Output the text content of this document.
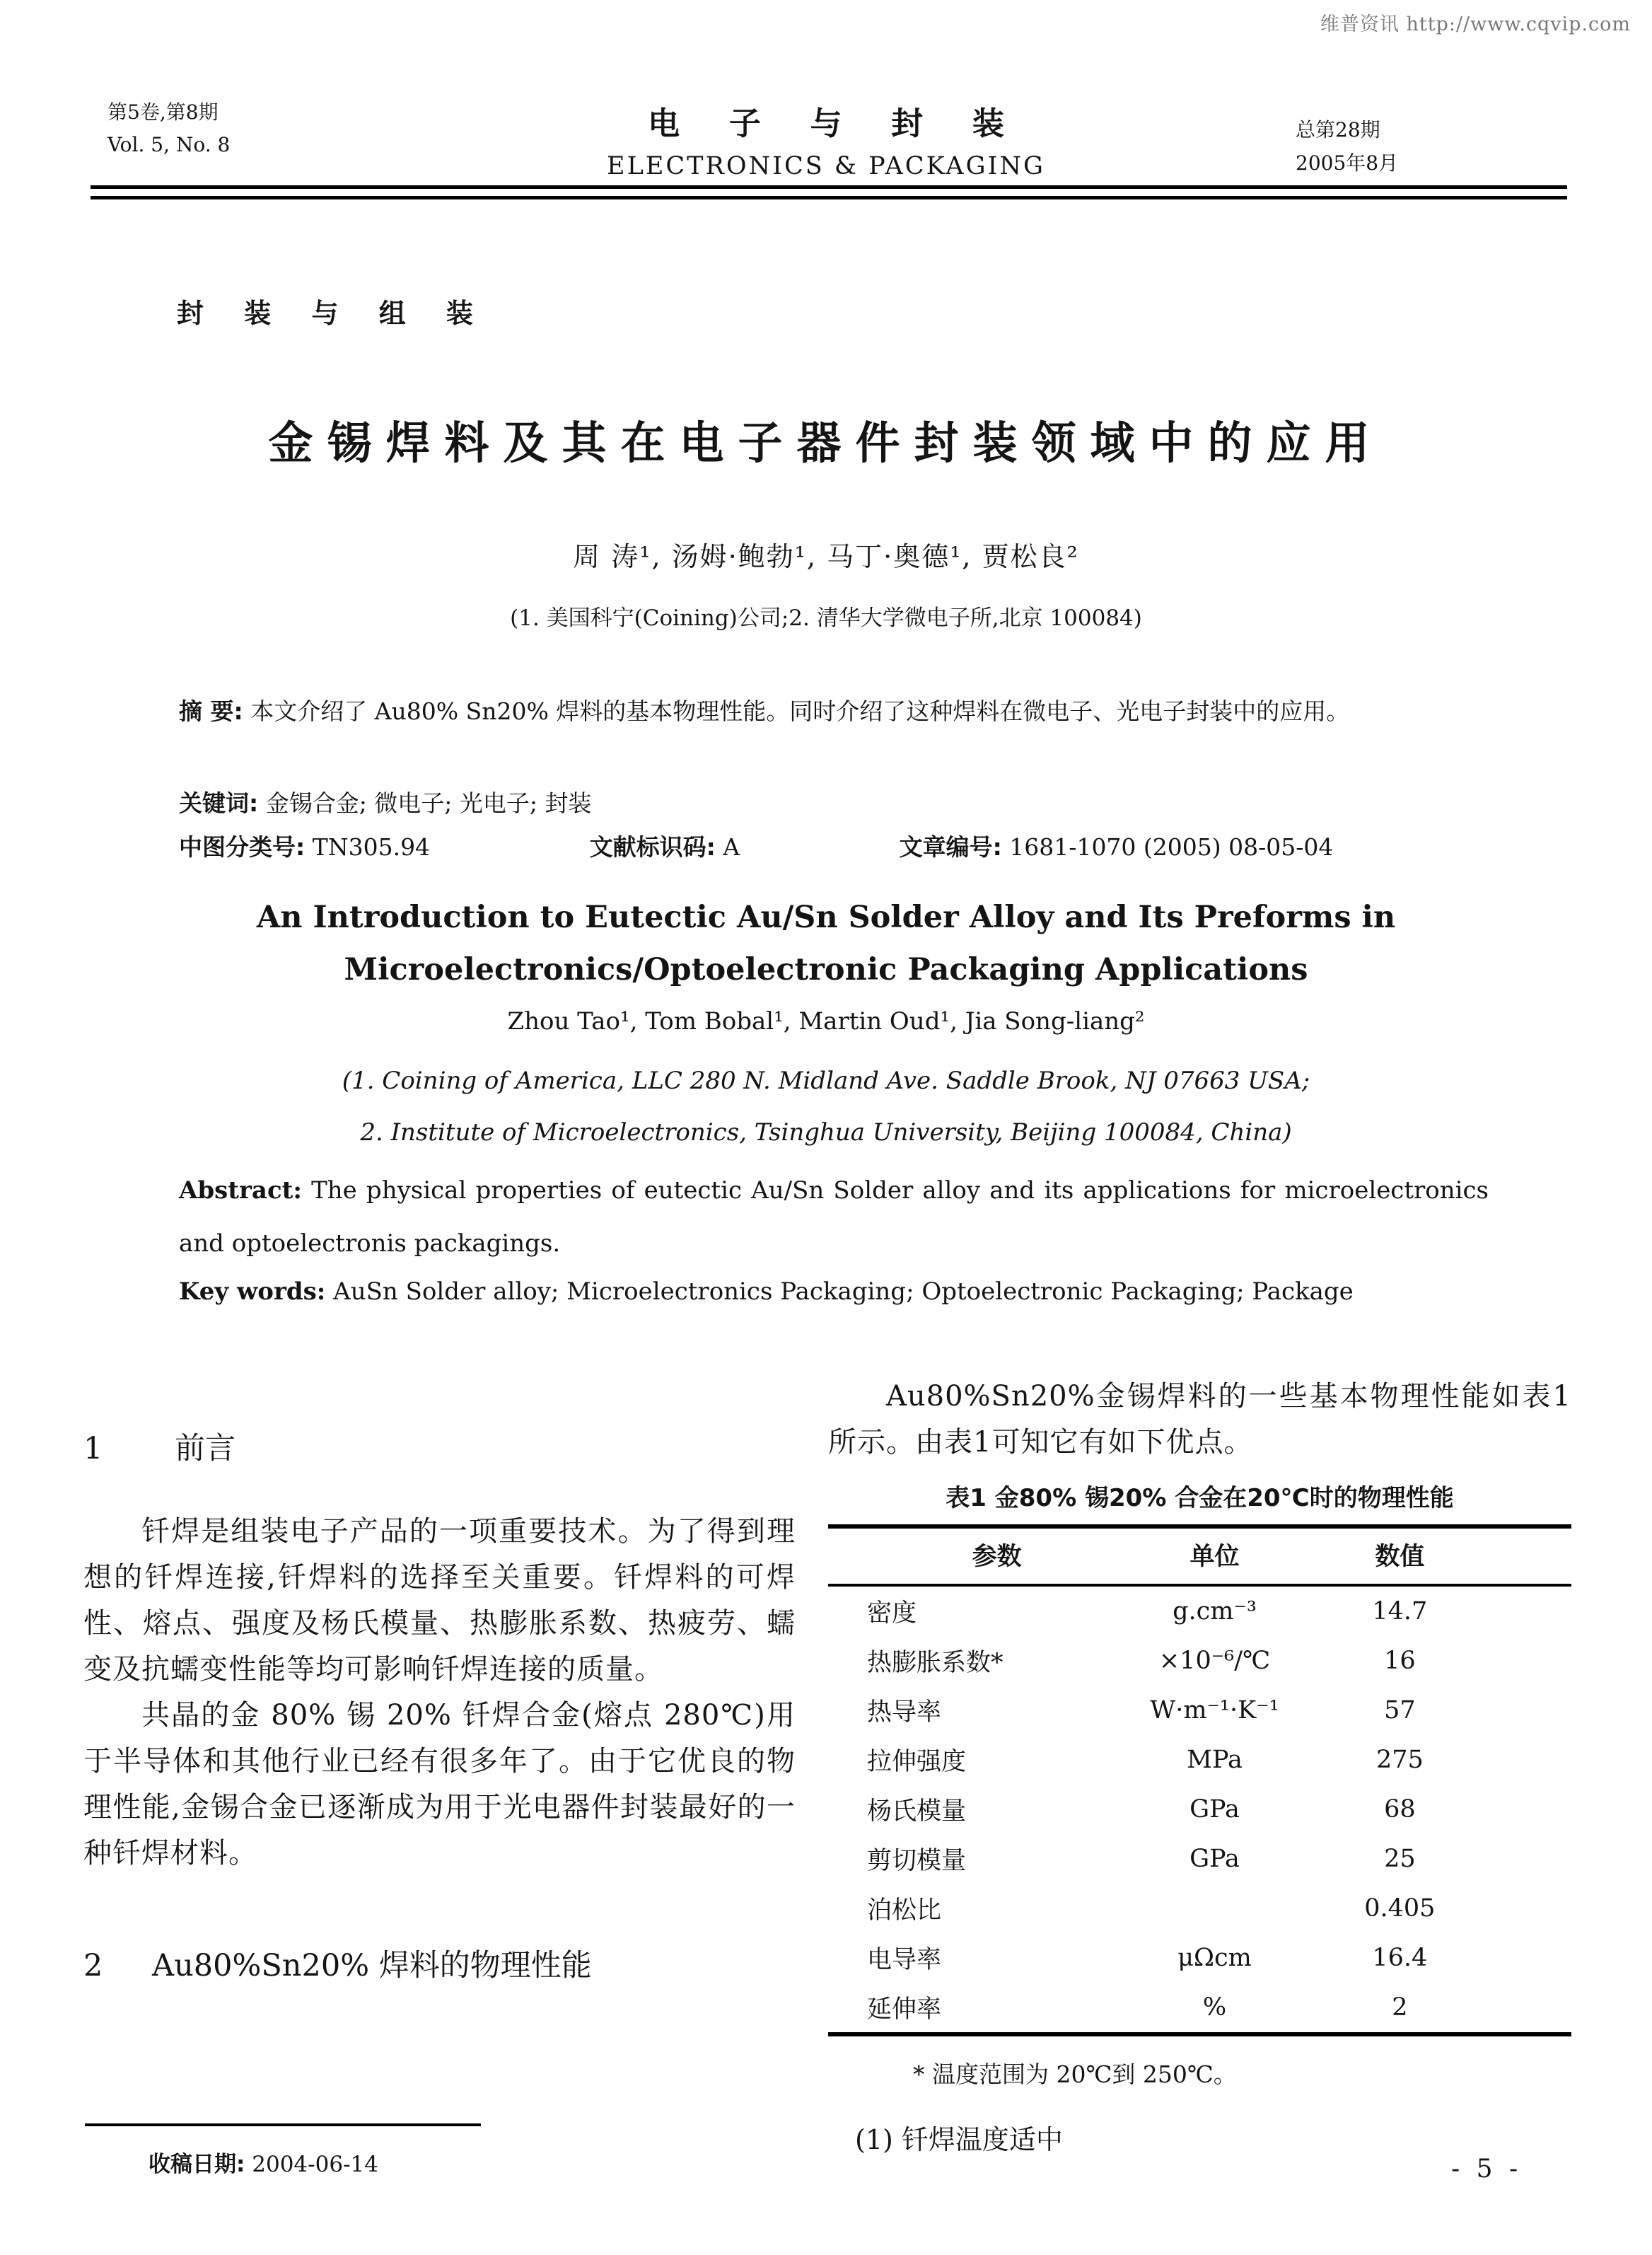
维普资讯 http://www.cqvip.com
第5卷,第8期
Vol. 5, No. 8
电 子 与 封 装
ELECTRONICS & PACKAGING
总第28期
2005年8月
封 装 与 组 装
金锡焊料及其在电子器件封装领域中的应用
周 涛¹, 汤姆·鲍勃¹, 马丁·奥德¹, 贾松良²
(1. 美国科宁(Coining)公司;2. 清华大学微电子所,北京 100084)
摘 要: 本文介绍了 Au80% Sn20% 焊料的基本物理性能。同时介绍了这种焊料在微电子、光电子封装中的应用。
关键词: 金锡合金; 微电子; 光电子; 封装
中图分类号: TN305.94	文献标识码: A	文章编号: 1681-1070 (2005) 08-05-04
An Introduction to Eutectic Au/Sn Solder Alloy and Its Preforms in
Microelectronics/Optoelectronic Packaging Applications
Zhou Tao¹, Tom Bobal¹, Martin Oud¹, Jia Song-liang²
(1. Coining of America, LLC 280 N. Midland Ave. Saddle Brook, NJ 07663 USA;
2. Institute of Microelectronics, Tsinghua University, Beijing 100084, China)
Abstract: The physical properties of eutectic Au/Sn Solder alloy and its applications for microelectronics and optoelectronis packagings.
Key words: AuSn Solder alloy; Microelectronics Packaging; Optoelectronic Packaging; Package
1 前言

钎焊是组装电子产品的一项重要技术。为了得到理想的钎焊连接,钎焊料的选择至关重要。钎焊料的可焊性、熔点、强度及杨氏模量、热膨胀系数、热疲劳、蠕变及抗蠕变性能等均可影响钎焊连接的质量。

共晶的金 80% 锡 20% 钎焊合金(熔点 280℃)用于半导体和其他行业已经有很多年了。由于它优良的物理性能,金锡合金已逐渐成为用于光电器件封装最好的一种钎焊材料。

2 Au80%Sn20% 焊料的物理性能

Au80%Sn20%金锡焊料的一些基本物理性能如表1所示。由表1可知它有如下优点。

表1 金80% 锡20% 合金在20℃时的物理性能
参数	单位	数值
密度	g.cm⁻³	14.7
热膨胀系数*	×10⁻⁶/℃	16
热导率	W·m⁻¹·K⁻¹	57
拉伸强度	MPa	275
杨氏模量	GPa	68
剪切模量	GPa	25
泊松比		0.405
电导率	μΩcm	16.4
延伸率	%	2
* 温度范围为 20℃到 250℃。
(1) 钎焊温度适中
收稿日期: 2004-06-14	- 5 -
